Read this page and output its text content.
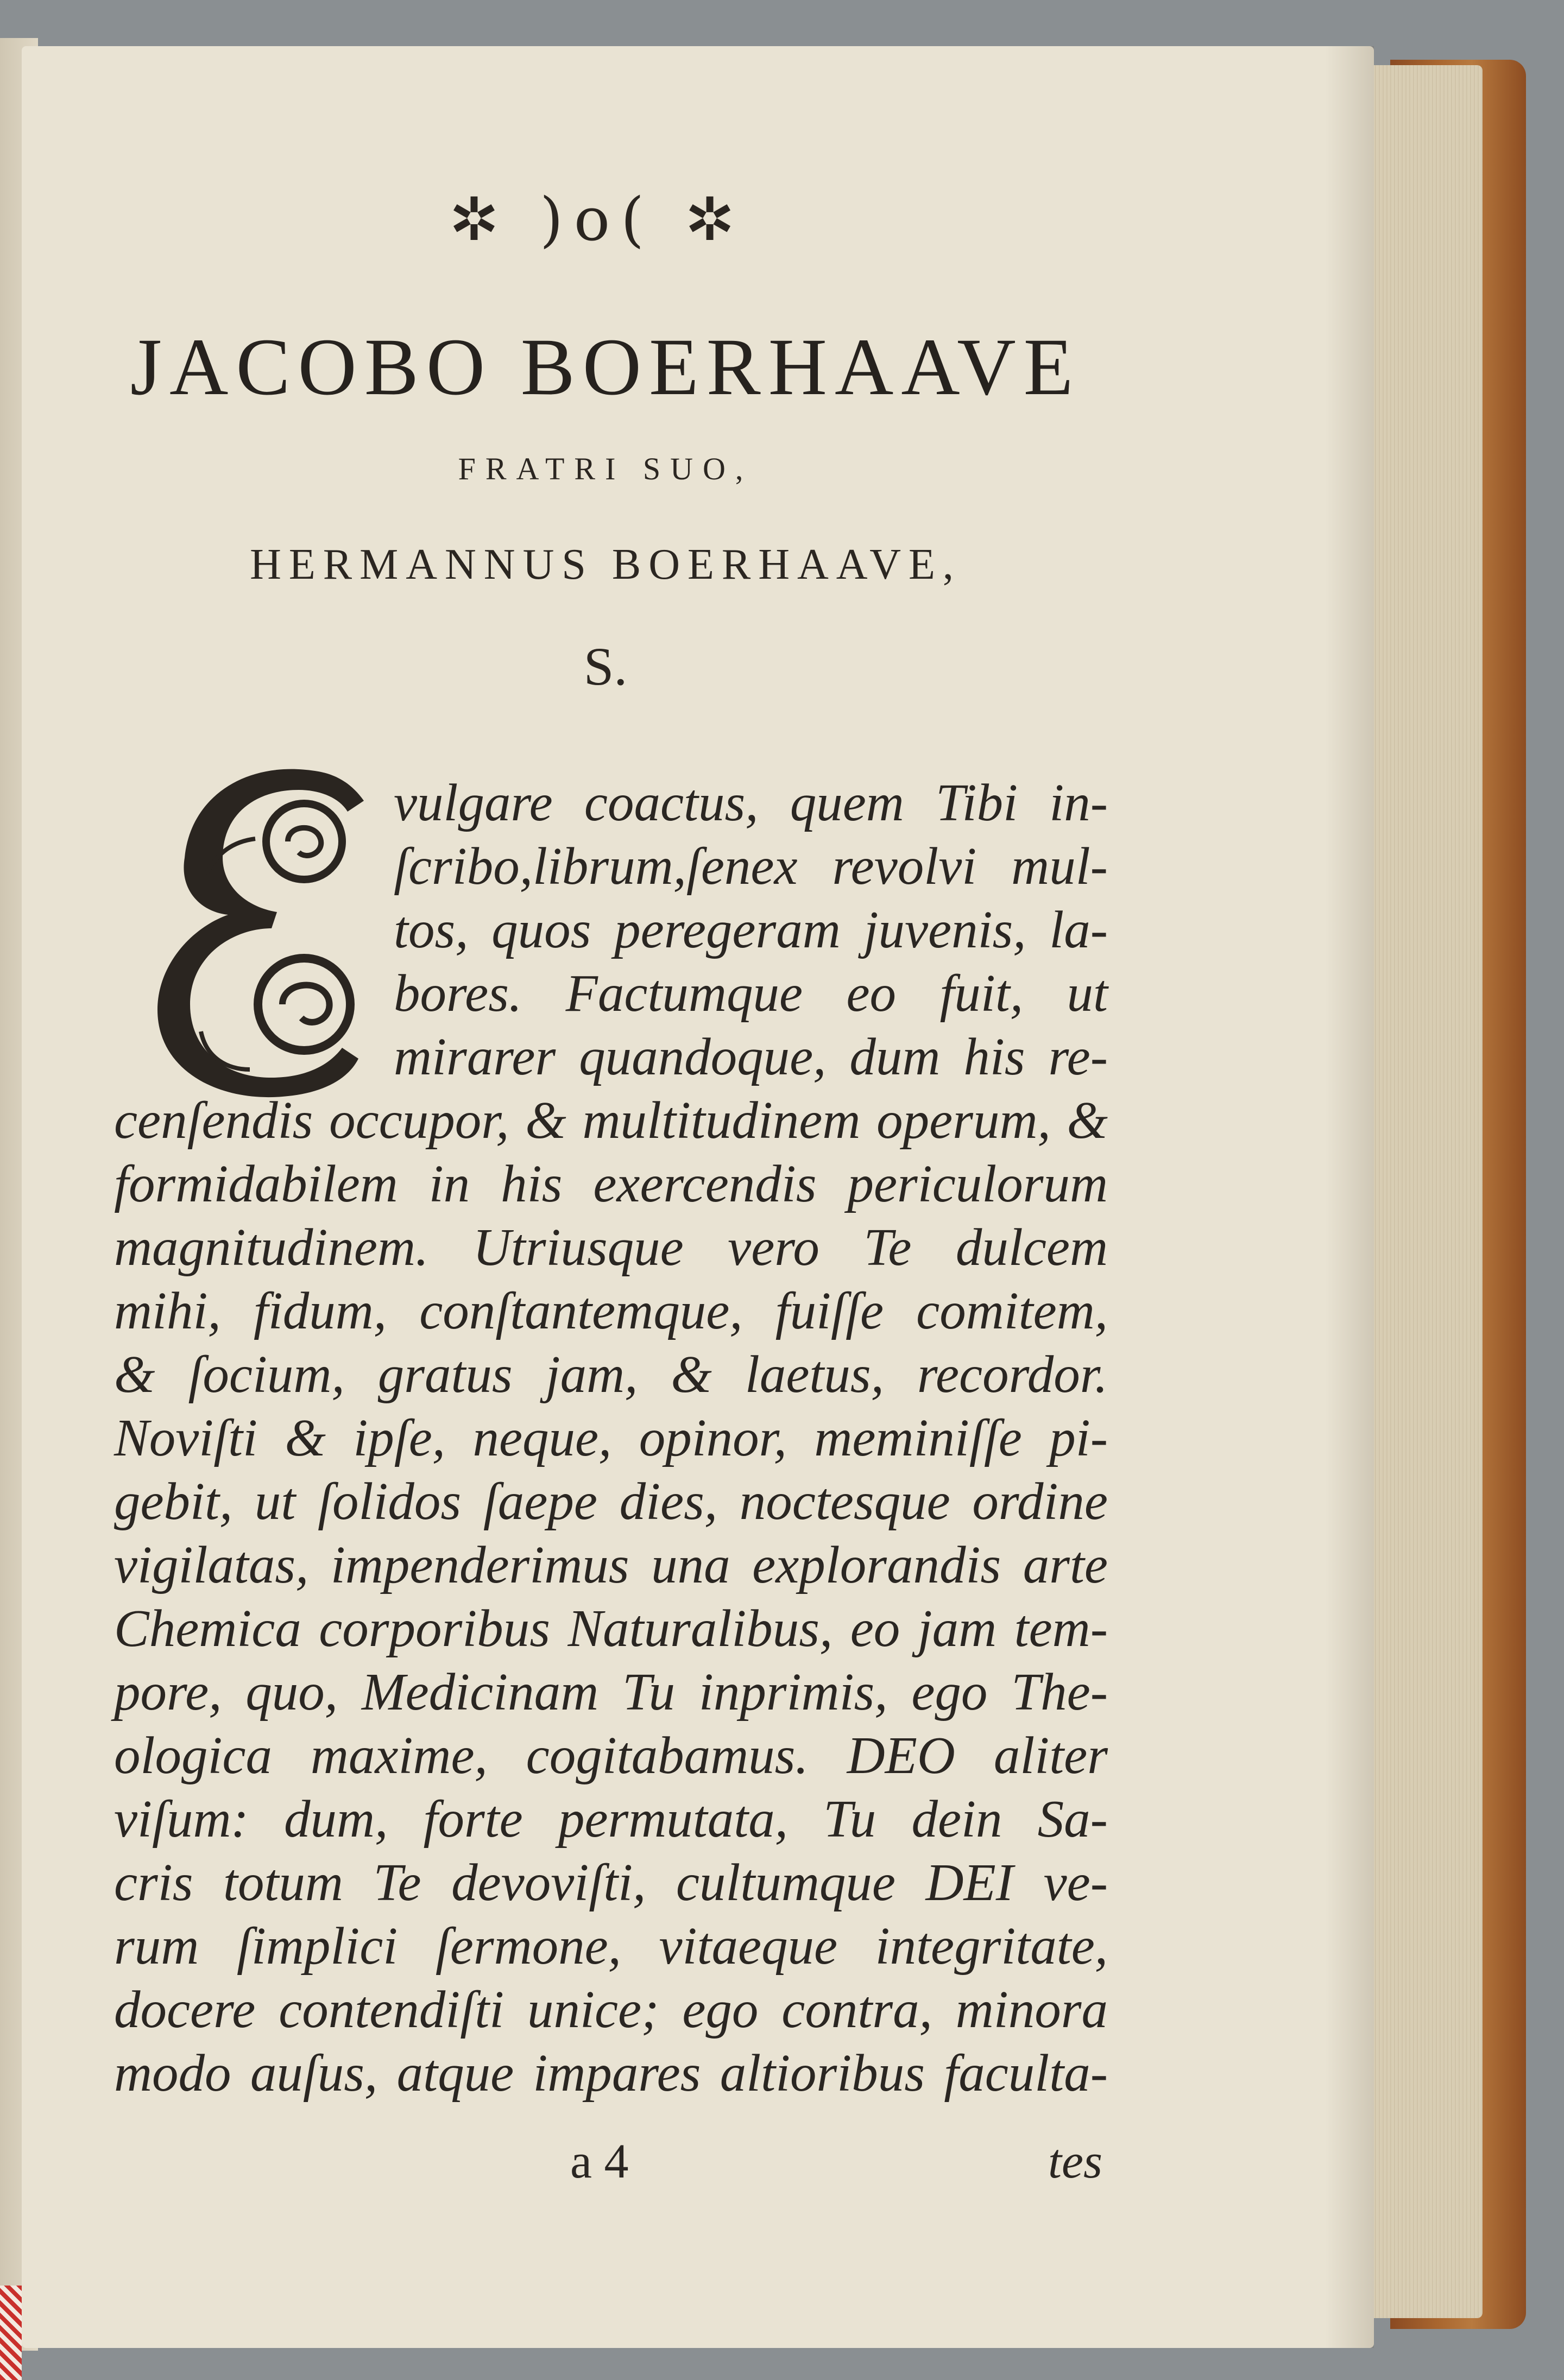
✲ )o( ✲
JACOBO BOERHAAVE
FRATRI SUO,
HERMANNUS BOERHAAVE,
S.
vulgare coactus, quem Tibi in-
ſcribo,librum,ſenex revolvi mul-
tos, quos peregeram juvenis, la-
bores. Factumque eo fuit, ut
mirarer quandoque, dum his re-
cenſendis occupor, & multitudinem operum, &
formidabilem in his exercendis periculorum
magnitudinem. Utriusque vero Te dulcem
mihi, fidum, conſtantemque, fuiſſe comitem,
& ſocium, gratus jam, & laetus, recordor.
Noviſti & ipſe, neque, opinor, meminiſſe pi-
gebit, ut ſolidos ſaepe dies, noctesque ordine
vigilatas, impenderimus una explorandis arte
Chemica corporibus Naturalibus, eo jam tem-
pore, quo, Medicinam Tu inprimis, ego The-
ologica maxime, cogitabamus. DEO aliter
viſum: dum, forte permutata, Tu dein Sa-
cris totum Te devoviſti, cultumque DEI ve-
rum ſimplici ſermone, vitaeque integritate,
docere contendiſti unice; ego contra, minora
modo auſus, atque impares altioribus faculta-
a 4	tes
